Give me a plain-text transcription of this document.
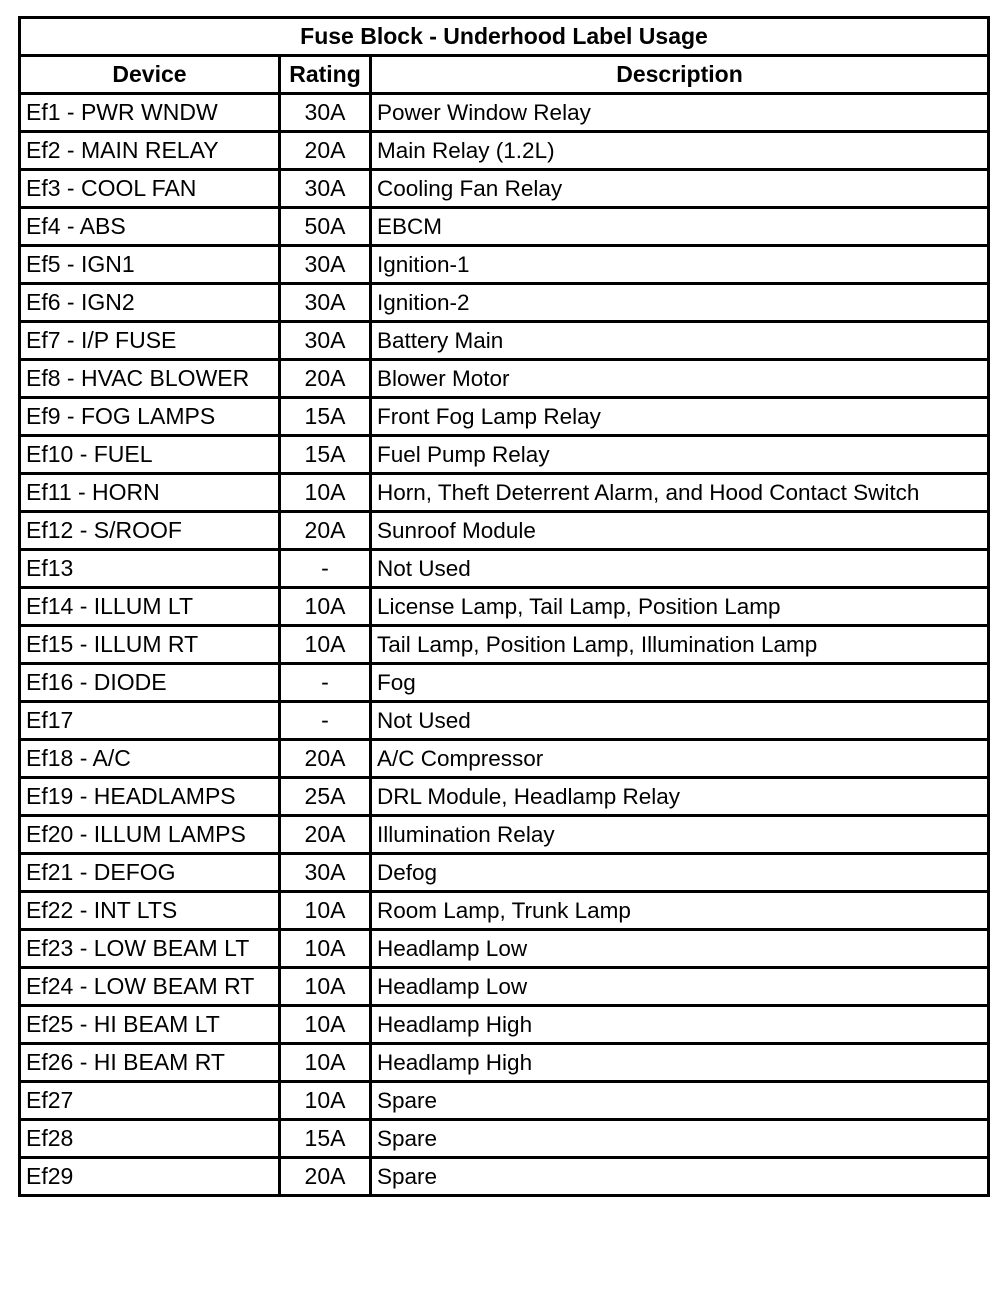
Fuse Block - Underhood Label Usage		
Device	Rating	Description
Ef1 - PWR WNDW	30A	Power Window Relay
Ef2 - MAIN RELAY	20A	Main Relay (1.2L)
Ef3 - COOL FAN	30A	Cooling Fan Relay
Ef4 - ABS	50A	EBCM
Ef5 - IGN1	30A	Ignition-1
Ef6 - IGN2	30A	Ignition-2
Ef7 - I/P FUSE	30A	Battery Main
Ef8 - HVAC BLOWER	20A	Blower Motor
Ef9 - FOG LAMPS	15A	Front Fog Lamp Relay
Ef10 - FUEL	15A	Fuel Pump Relay
Ef11 - HORN	10A	Horn, Theft Deterrent Alarm, and Hood Contact Switch
Ef12 - S/ROOF	20A	Sunroof Module
Ef13	-	Not Used
Ef14 - ILLUM LT	10A	License Lamp, Tail Lamp, Position Lamp
Ef15 - ILLUM RT	10A	Tail Lamp, Position Lamp, Illumination Lamp
Ef16 - DIODE	-	Fog
Ef17	-	Not Used
Ef18 - A/C	20A	A/C Compressor
Ef19 - HEADLAMPS	25A	DRL Module, Headlamp Relay
Ef20 - ILLUM LAMPS	20A	Illumination Relay
Ef21 - DEFOG	30A	Defog
Ef22 - INT LTS	10A	Room Lamp, Trunk Lamp
Ef23 - LOW BEAM LT	10A	Headlamp Low
Ef24 - LOW BEAM RT	10A	Headlamp Low
Ef25 - HI BEAM LT	10A	Headlamp High
Ef26 - HI BEAM RT	10A	Headlamp High
Ef27	10A	Spare
Ef28	15A	Spare
Ef29	20A	Spare
